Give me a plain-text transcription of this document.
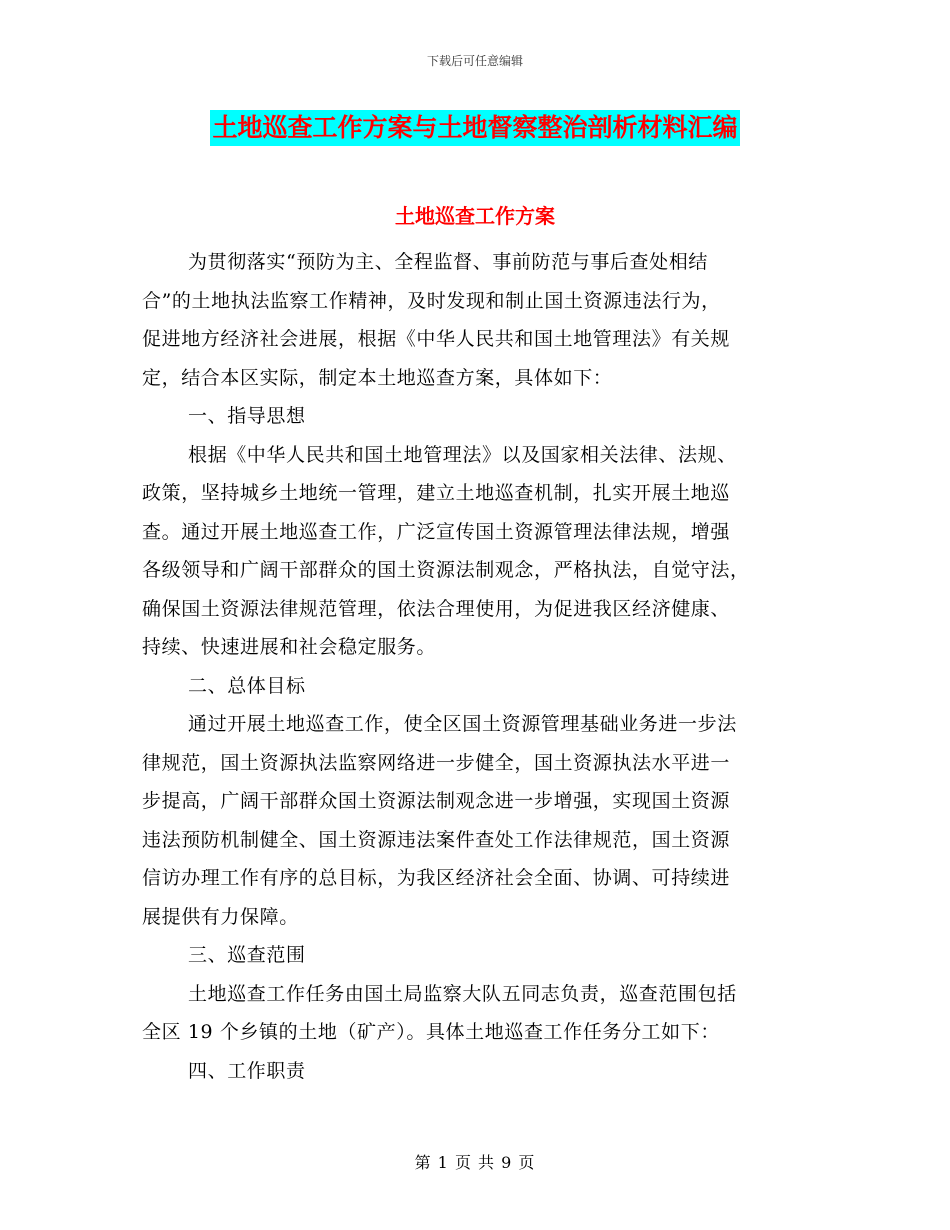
下载后可任意编辑
土地巡查工作方案与土地督察整治剖析材料汇编
土地巡查工作方案
为贯彻落实“预防为主、全程监督、事前防范与事后查处相结
合”的土地执法监察工作精神，及时发现和制止国土资源违法行为，
促进地方经济社会进展，根据《中华人民共和国土地管理法》有关规
定，结合本区实际，制定本土地巡查方案，具体如下：
一、指导思想
根据《中华人民共和国土地管理法》以及国家相关法律、法规、
政策，坚持城乡土地统一管理，建立土地巡查机制，扎实开展土地巡
查。通过开展土地巡查工作，广泛宣传国土资源管理法律法规，增强
各级领导和广阔干部群众的国土资源法制观念，严格执法，自觉守法，
确保国土资源法律规范管理，依法合理使用，为促进我区经济健康、
持续、快速进展和社会稳定服务。
二、总体目标
通过开展土地巡查工作，使全区国土资源管理基础业务进一步法
律规范，国土资源执法监察网络进一步健全，国土资源执法水平进一
步提高，广阔干部群众国土资源法制观念进一步增强，实现国土资源
违法预防机制健全、国土资源违法案件查处工作法律规范，国土资源
信访办理工作有序的总目标，为我区经济社会全面、协调、可持续进
展提供有力保障。
三、巡查范围
土地巡查工作任务由国土局监察大队五同志负责，巡查范围包括
全区 19 个乡镇的土地（矿产）。具体土地巡查工作任务分工如下：
四、工作职责
第 1 页 共 9 页
